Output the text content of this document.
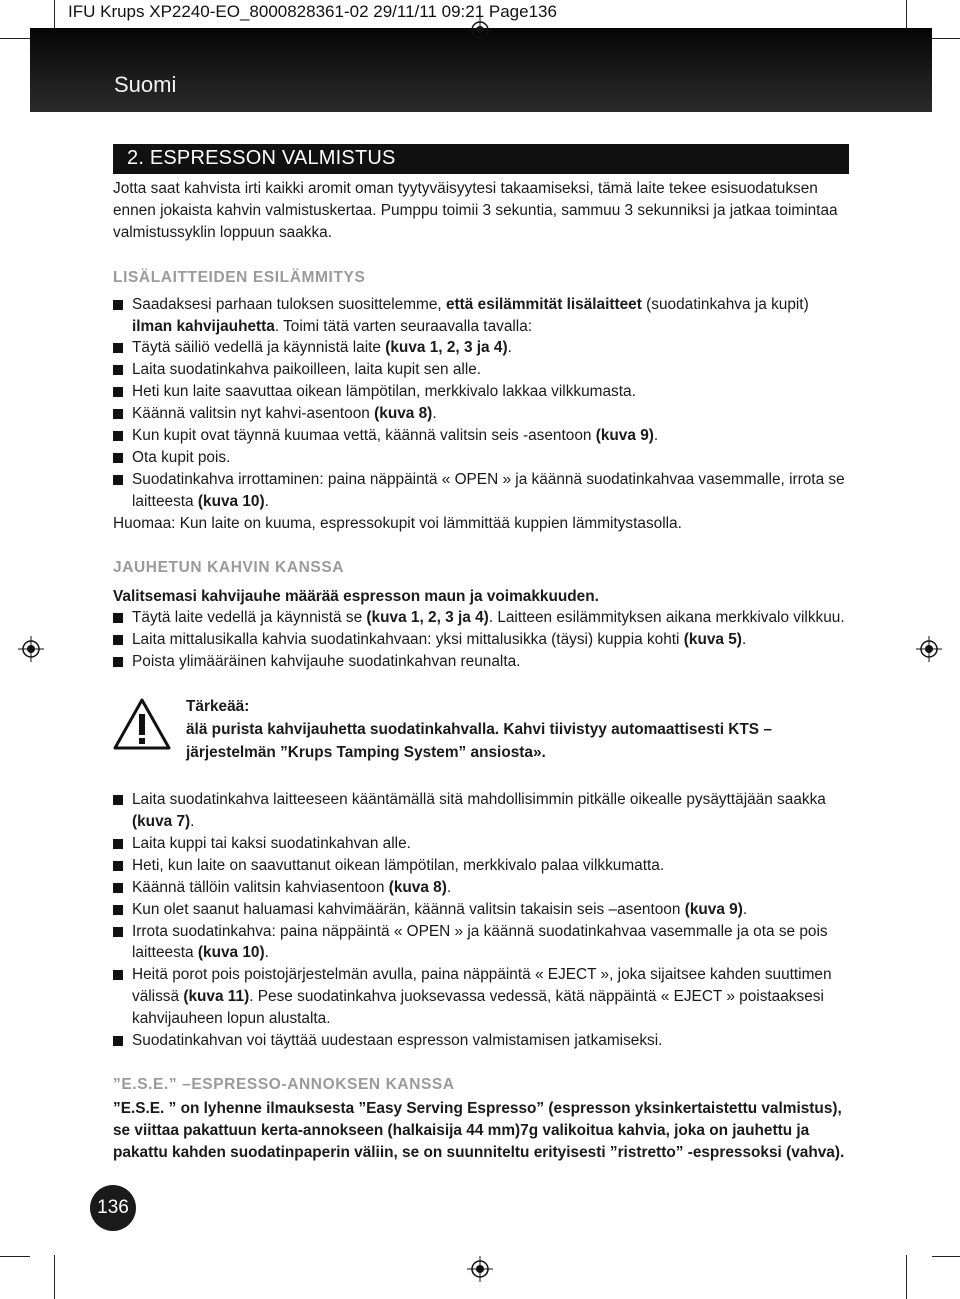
IFU Krups XP2240-EO_8000828361-02 29/11/11 09:21 Page136
Suomi
2. ESPRESSON VALMISTUS

Jotta saat kahvista irti kaikki aromit oman tyytyväisyytesi takaamiseksi, tämä laite tekee esisuodatuksen ennen jokaista kahvin valmistuskertaa. Pumppu toimii 3 sekuntia, sammuu 3 sekunniksi ja jatkaa toimintaa valmistussyklin loppuun saakka.

LISÄLAITTEIDEN ESILÄMMITYS

Saadaksesi parhaan tuloksen suosittelemme, että esilämmität lisälaitteet (suodatinkahva ja kupit) ilman kahvijauhetta. Toimi tätä varten seuraavalla tavalla:
Täytä säiliö vedellä ja käynnistä laite (kuva 1, 2, 3 ja 4).
Laita suodatinkahva paikoilleen, laita kupit sen alle.
Heti kun laite saavuttaa oikean lämpötilan, merkkivalo lakkaa vilkkumasta.
Käännä valitsin nyt kahvi-asentoon (kuva 8).
Kun kupit ovat täynnä kuumaa vettä, käännä valitsin seis -asentoon (kuva 9).
Ota kupit pois.
Suodatinkahva irrottaminen: paina näppäintä « OPEN » ja käännä suodatinkahvaa vasemmalle, irrota se laitteesta (kuva 10).

Huomaa: Kun laite on kuuma, espressokupit voi lämmittää kuppien lämmitystasolla.

JAUHETUN KAHVIN KANSSA

Valitsemasi kahvijauhe määrää espresson maun ja voimakkuuden.

Täytä laite vedellä ja käynnistä se (kuva 1, 2, 3 ja 4). Laitteen esilämmityksen aikana merkkivalo vilkkuu.
Laita mittalusikalla kahvia suodatinkahvaan: yksi mittalusikka (täysi) kuppia kohti (kuva 5).
Poista ylimääräinen kahvijauhe suodatinkahvan reunalta.
Tärkeää:
älä purista kahvijauhetta suodatinkahvalla. Kahvi tiivistyy automaattisesti KTS – järjestelmän ”Krups Tamping System” ansiosta».
Laita suodatinkahva laitteeseen kääntämällä sitä mahdollisimmin pitkälle oikealle pysäyttäjään saakka (kuva 7).
Laita kuppi tai kaksi suodatinkahvan alle.
Heti, kun laite on saavuttanut oikean lämpötilan, merkkivalo palaa vilkkumatta.
Käännä tällöin valitsin kahviasentoon (kuva 8).
Kun olet saanut haluamasi kahvimäärän, käännä valitsin takaisin seis –asentoon (kuva 9).
Irrota suodatinkahva: paina näppäintä « OPEN » ja käännä suodatinkahvaa vasemmalle ja ota se pois laitteesta (kuva 10).
Heitä porot pois poistojärjestelmän avulla, paina näppäintä « EJECT », joka sijaitsee kahden suuttimen välissä (kuva 11). Pese suodatinkahva juoksevassa vedessä, kätä näppäintä « EJECT » poistaaksesi kahvijauheen lopun alustalta.
Suodatinkahvan voi täyttää uudestaan espresson valmistamisen jatkamiseksi.

”E.S.E.” –ESPRESSO-ANNOKSEN KANSSA

”E.S.E. ” on lyhenne ilmauksesta ”Easy Serving Espresso” (espresson yksinkertaistettu valmistus), se viittaa pakattuun kerta-annokseen (halkaisija 44 mm)7g valikoitua kahvia, joka on jauhettu ja pakattu kahden suodatinpaperin väliin, se on suunniteltu erityisesti ”ristretto” -espressoksi (vahva).

136
